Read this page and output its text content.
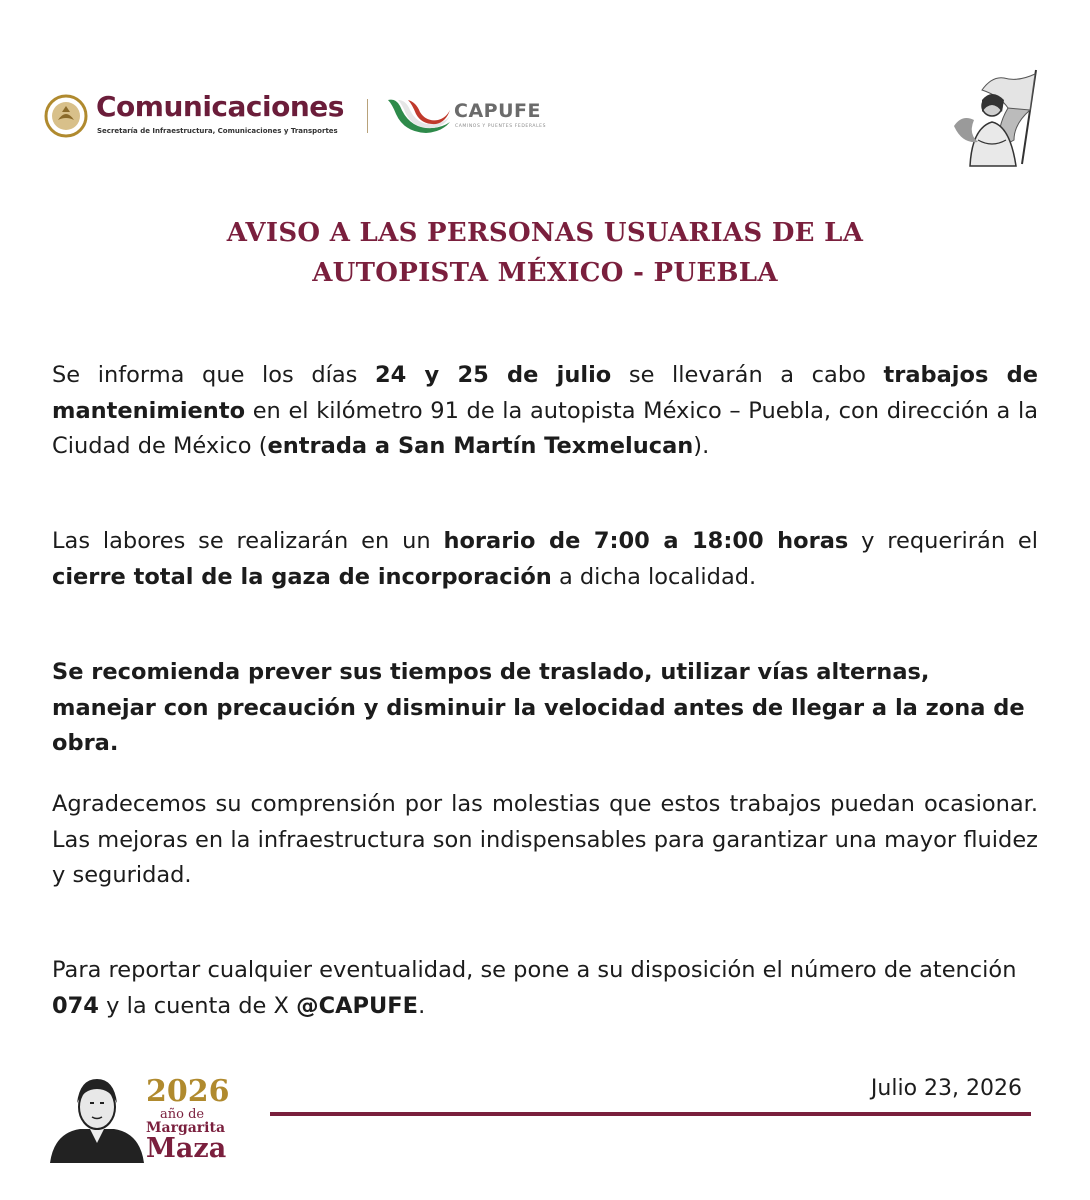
Comunicaciones
Secretaría de Infraestructura, Comunicaciones y Transportes
CAPUFE
CAMINOS Y PUENTES FEDERALES
AVISO A LAS PERSONAS USUARIAS DE LA
AUTOPISTA MÉXICO - PUEBLA

Se informa que los días 24 y 25 de julio se llevarán a cabo trabajos de mantenimiento en el kilómetro 91 de la autopista México – Puebla, con dirección a la Ciudad de México (entrada a San Martín Texmelucan).

Las labores se realizarán en un horario de 7:00 a 18:00 horas y requerirán el cierre total de la gaza de incorporación a dicha localidad.

Se recomienda prever sus tiempos de traslado, utilizar vías alternas, manejar con precaución y disminuir la velocidad antes de llegar a la zona de obra.

Agradecemos su comprensión por las molestias que estos trabajos puedan ocasionar. Las mejoras en la infraestructura son indispensables para garantizar una mayor fluidez y seguridad.

Para reportar cualquier eventualidad, se pone a su disposición el número de atención 074 y la cuenta de X @CAPUFE.

2026
año de
Margarita
Maza
Julio 23, 2026
